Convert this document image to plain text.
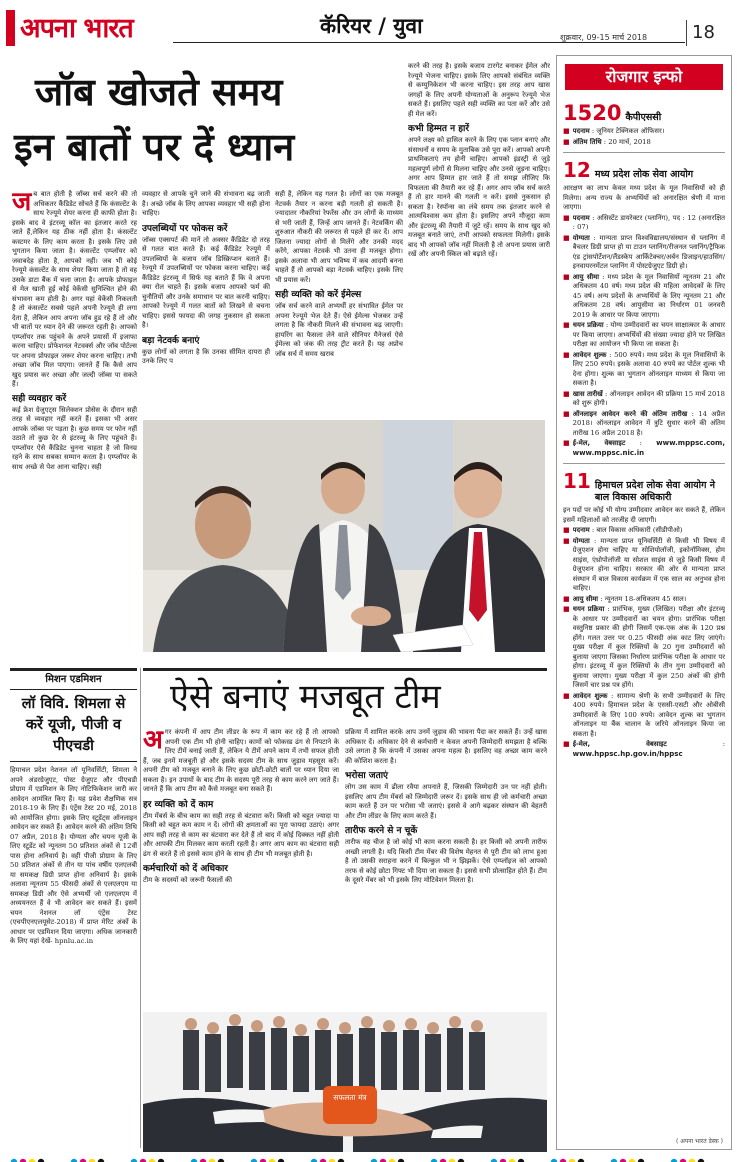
अपना भारत	कॅरियर / युवा	शुक्रवार, 09-15 मार्च 2018 18
जॉब खोजते समय
इन बातों पर दें ध्यान
ज ब बात होती है जॉब्स सर्च करने की तो अधिकतर कैंडिडेट सोचते हैं कि कंसल्टेंट के साथ रेज्यूमे शेयर करना ही काफी होता है। इसके बाद वे इंटरव्यू कॉल का इंतजार करते रह जाते हैं,लेकिन यह ठीक नहीं होता है। कंसल्टेंट कस्टमर के लिए काम करता है। इसके लिए उसे भुगतान किया जाता है। कंसल्टेंट एम्प्लॉयर को जवाबदेह होता है, आपको नहीं। जब भी कोई रेज्यूमे कंसल्टेंट के साथ शेयर किया जाता है तो वह उसके डाटा बैंक में चला जाता है। आपके प्रोफाइल से मेल खाती हुई कोई वेकेंसी सुनिश्चित होने की संभावना कम होती है। अगर यहां वेकेंसी निकलती है तो कंसल्टेंट सबसे पहले अपनी रेज्यूमे ही लगा देता है, लेकिन आप अपना जॉब हुड रहे हैं तो और भी बातों पर ध्यान देने की जरूरत रहती है। आपको एम्प्लॉयर तक पहुंचने के अपने प्रयासों में इजाफा करना चाहिए। प्रोफेशनल नेटवर्क्स और जॉब पोर्टल्स पर अपना प्रोफाइल जरूर शेयर करना चाहिए। तभी अच्छा जॉब मिल पाएगा। जानते हैं कि कैसे आप खुद प्रयास कर अच्छा और जल्दी जॉब्स पा सकते हैं।
सही व्यवहार करें
कई फ्रेश ग्रेजुएट्स सिलेक्शन प्रोसेस के दौरान सही तरह से व्यवहार नहीं करते हैं। इसका भी असर आपके जॉब्स पर पड़ता है। कुछ समय पर फोन नहीं उठाते तो कुछ देर से इंटरव्यू के लिए पहुंचते हैं। एम्प्लॉयर ऐसे कैंडिडेट चुनना चाहता है जो विनम्र रहने के साथ सबका सम्मान करता है। एम्प्लॉयर के साथ अच्छे से पेश आना चाहिए। सही
व्यवहार से आपके चुने जाने की संभावना बढ़ जाती है। अच्छे जॉब के लिए आपका व्यवहार भी सही होना चाहिए।
उपलब्धियों पर फोकस करें
जॉब्स एक्सपर्ट की मानें तो अक्सर कैंडिडेट दो तरह से गलत बात करते हैं। कई कैंडिडेट रेज्यूमे में उपलब्धियों के बजाय जॉब डिस्क्रिप्शन बताते हैं। रेज्यूमे में उपलब्धियों पर फोकस करना चाहिए। कई कैंडिडेट इंटरव्यू में सिर्फ यह बताते हैं कि वे अपना क्या रोल चाहते हैं। इसके बजाय आपको फर्म की चुनौतियों और उनके समाधान पर बात करनी चाहिए। आपको रेज्यूमे में गलत बातों को लिखने से बचना चाहिए। इससे फायदा की जगह नुकसान हो सकता है।
बड़ा नेटवर्क बनाएं
कुछ लोगों को लगता है कि उनका सीमित दायरा ही उनके लिए प
सही है, लेकिन यह गलत है। लोगों का एक मजबूत नेटवर्क तैयार न करना बड़ी गलती हो सकती है। ज्यादातर नौकरियां रेफरेंस और उन लोगों के माध्यम से भरी जाती हैं, जिन्हें आप जानते हैं। नेटवर्किंग की शुरुआत नौकरी की जरूरत से पहले ही कर दें। आप जितना ज्यादा लोगों से मिलेंगे और उनकी मदद करेंगे, आपका नेटवर्क भी उतना ही मजबूत होगा। इसके अलावा भी आप भविष्य में कब आदमी बनना चाहते हैं तो आपको बड़ा नेटवर्क चाहिए। इसके लिए भी प्रयास करें।
सही व्यक्ति को करें ईमेल्स
जॉब सर्च करने वाले अभ्यर्थी हर संभावित ईमेल पर अपना रेज्यूमे भेज देते हैं। ऐसे ईमेल्स भेजकर उन्हें लगता है कि नौकरी मिलने की संभावना बढ़ जाएगी। हायरिंग का फैसला लेने वाले सीनियर मैनेजर्स ऐसे ईमेल्स को जंक की तरह ट्रीट करते हैं। यह अप्रोच जॉब सर्च में समय खराब
करने की तरह है। इसके बजाय टारगेट बनाकर ईमेल और रेज्यूमे भेजना चाहिए। इसके लिए आपको संबंधित व्यक्ति से कम्युनिकेशन भी करना चाहिए। इस तरह आप खास जगहों के लिए अपनी योग्यताओं के अनुरूप रेज्यूमे भेज सकते हैं। इसलिए पहले सही व्यक्ति का पता करें और उसे ही मेल करें।
कभी हिम्मत न हारें
अपने लक्ष्य को हासिल करने के लिए एक प्लान बनाएं और संसाधनों व समय के मुताबिक उसे पूरा करें। आपको अपनी प्राथमिकताएं तय होनी चाहिए। आपको इंडस्ट्री से जुड़े महत्वपूर्ण लोगों से मिलना चाहिए और उनसे जुड़ना चाहिए। अगर आप हिम्मत हार जाते हैं तो समझ लीजिए कि विफलता की तैयारी कर रहे हैं। अगर आप जॉब सर्च करते हैं तो हार मानने की गलती न करें। इससे नुकसान हो सकता है। रेस्पॉन्स का लंबे समय तक इंतजार करने से आत्मविश्वास कम होता है। इसलिए अपने मौजूदा काम और इंटरव्यू की तैयारी में जुटे रहें। समय के साथ खुद को मजबूत बनाते जाएं, तभी आपको सफलता मिलेगी। इसके बाद भी आपको जॉब नहीं मिलती है तो अपना प्रयास जारी रखें और अपनी स्किल को बढ़ाते रहें।
रोजगार इन्फो
1520 कैपीएससी
■ पदनाम : जूनियर टेक्निकल ऑफिसर।
■ अंतिम तिथि : 20 मार्च, 2018
12 मध्य प्रदेश लोक सेवा आयोग
आरक्षण का लाभ केवल मध्य प्रदेश के मूल निवासियों को ही मिलेगा। अन्य राज्य के अभ्यर्थियों को अनारक्षित श्रेणी में माना जाएगा।
■ पदनाम : असिस्टेंट डायरेक्टर (प्लानिंग), पद : 12 (अनारक्षित : 07)
■ योग्यता : मान्यता प्राप्त विश्वविद्यालय/संस्थान से प्लानिंग में बैचलर डिग्री प्राप्त हो या टाउन प्लानिंग/रीजनल प्लानिंग/ट्रैफिक एंड ट्रांसपोर्टेशन/लैंडस्केप आर्किटेक्चर/अर्बन डिजाइन/हाउसिंग/इनवायरनमेंटल प्लानिंग में पोस्टग्रेजुएट डिग्री हो।
■ आयु सीमा : मध्य प्रदेश के मूल निवासियों न्यूनतम 21 और अधिकतम 40 वर्ष। मध्य प्रदेश की महिला आवेदकों के लिए 45 वर्ष। अन्य प्रदेशों के अभ्यर्थियों के लिए न्यूनतम 21 और अधिकतम 28 वर्ष। आयुसीमा का निर्धारण 01 जनवरी 2019 के आधार पर किया जाएगा।
■ चयन प्रक्रिया : योग्य उम्मीदवारों का चयन साक्षात्कार के आधार पर किया जाएगा। अभ्यर्थियों की संख्या ज्यादा होने पर लिखित परीक्षा का आयोजन भी किया जा सकता है।
■ आवेदन शुल्क : 500 रुपये। मध्य प्रदेश के मूल निवासियों के लिए 250 रुपये। इसके अलावा 40 रुपये का पोर्टल शुल्क भी देना होगा। शुल्क का भुगतान ऑनलाइन माध्यम से किया जा सकता है।
■ खास तारीखें : ऑनलाइन आवेदन की प्रक्रिया 15 मार्च 2018 को शुरू होगी।
■ ऑनलाइन आवेदन करने की अंतिम तारीख : 14 अप्रैल 2018। ऑनलाइन आवेदन में त्रुटि सुधार करने की अंतिम तारीख 16 अप्रैल 2018 है।
■ ई-मेल, वेबसाइट : www.mppsc.com, www.mppsc.nic.in
11 हिमाचल प्रदेश लोक सेवा आयोग ने बाल विकास अधिकारी
इन पदों पर कोई भी योग्य उम्मीदवार आवेदन कर सकते हैं, लेकिन इसमें महिलाओं को तरजीह दी जाएगी।
■ पदनाम : बाल विकास अधिकारी (सीडीपीओ)
■ योग्यता : मान्यता प्राप्त यूनिवर्सिटी से किसी भी विषय में ग्रेजुएशन होना चाहिए या सोशियोलॉजी, इकोनॉमिक्स, होम साइंस, एंथ्रोपोलॉजी या सोशल साइंस से जुड़े किसी विषय में ग्रेजुएशन होना चाहिए। सरकार की ओर से मान्यता प्राप्त संस्थान में बाल विकास कार्यक्रम में एक साल का अनुभव होना चाहिए।
■ आयु सीमा : न्यूनतम 18-अधिकतम 45 साल।
■ चयन प्रक्रिया : प्रारंभिक, मुख्य (लिखित) परीक्षा और इंटरव्यू के आधार पर उम्मीदवारों का चयन होगा। प्रारंभिक परीक्षा वस्तुनिष्ठ प्रकार की होगी जिसमें एक-एक अंक के 120 प्रश्न होंगे। गलत उत्तर पर 0.25 फीसदी अंक काट लिए जाएंगे। मुख्य परीक्षा में कुल रिक्तियों के 20 गुना उम्मीदवारों को बुलाया जाएगा जिसका निर्धारण प्रारंभिक परीक्षा के आधार पर होगा। इंटरव्यू में कुल रिक्तियों के तीन गुना उम्मीदवारों को बुलाया जाएगा। मुख्य परीक्षा में कुल 250 अंकों की होगी जिसमें चार प्रश्न पत्र होंगे।
■ आवेदन शुल्क : सामान्य श्रेणी के सभी उम्मीदवारों के लिए 400 रुपये। हिमाचल प्रदेश के एससी-एसटी और ओबीसी उम्मीदवारों के लिए 100 रुपये। आवेदन शुल्क का भुगतान ऑनलाइन या बैंक चालान के जरिये ऑनलाइन किया जा सकता है।
■ ई-मेल, वेबसाइट : www.hppsc.hp.gov.in/hppsc
( अपना भारत डेस्क )
मिशन एडमिशन
लॉ विवि. शिमला से करें यूजी, पीजी व पीएचडी
हिमाचल प्रदेश नेशनल लॉ यूनिवर्सिटी, शिमला ने अपने अंडरग्रेजुएट, पोस्ट ग्रेजुएट और पीएचडी प्रोग्राम में एडमिशन के लिए नोटिफिकेशन जारी कर आवेदन आमंत्रित किए हैं। यह प्रवेश शैक्षणिक सत्र 2018-19 के लिए हैं। एंट्रेंस टेस्ट 20 मई, 2018 को आयोजित होगा। इसके लिए स्टूडेंट्स ऑनलाइन आवेदन कर सकते हैं। आवेदन करने की अंतिम तिथि 07 अप्रैल, 2018 है। योग्यता और चयनः यूजी के लिए स्टूडेंट को न्यूनतम 50 प्रतिशत अंकों से 12वीं पास होना अनिवार्य है। वहीं पीजी प्रोग्राम के लिए 50 प्रतिशत अंकों से तीन या पांच वर्षीय एलएलबी या समकक्ष डिग्री प्राप्त होना अनिवार्य है। इसके अलावा न्यूनतम 55 फीसदी अंकों से एलएलएम या समकक्ष डिग्री और ऐसे अभ्यर्थी जो एलएलएम में अध्ययनरत हैं वे भी आवेदन कर सकते हैं। इसमें चयन नेशनल लॉ एंट्रेंस टेस्ट (एचपीएनएलयूसेट-2018) में प्राप्त मेरिट अंकों के आधार पर एडमिशन दिया जाएगा। अधिक जानकारी के लिए यहां देखें- hpnlu.ac.in
ऐसे बनाएं मजबूत टीम
अ गर कंपनी में आप टीम लीडर के रूप में काम कर रहे हैं तो आपको अपनी एक टीम भी होनी चाहिए। कामों को फोकस्ड ढंग से निपटाने के लिए टीमें बनाई जाती हैं, लेकिन ये टीमें अपने काम में तभी सफल होती हैं, जब इनमें मजबूती हो और इसके सदस्य टीम के साथ जुड़ाव महसूस करें। अपनी टीम को मजबूत बनाने के लिए कुछ छोटी-छोटी बातों पर ध्यान दिया जा सकता है। इन उपायों के बाद टीम के सदस्य पूरी तरह से काम करने लग जाते हैं। जानते हैं कि आप टीम को कैसे मजबूत बना सकते हैं।
हर व्यक्ति को दें काम
टीम मेंबर्स के बीच काम का सही तरह से बंटवारा करें। किसी को बहुत ज्यादा या किसी को बहुत कम काम न दें। लोगों की क्षमताओं का पूरा फायदा उठाएं। अगर आप सही तरह से काम का बंटवारा कर देते हैं तो बाद में कोई दिक्कत नहीं होती और आपकी टीम मिलकर काम करती रहती है। अगर आप काम का बंटवारा सही ढंग से करते हैं तो इससे काम होने के साथ ही टीम भी मजबूत होती है।
कर्मचारियों को दें अधिकार
टीम के सदस्यों को जरूरी फैसलों की
प्रक्रिया में शामिल करके आप उनमें जुड़ाव की भावना पैदा कर सकते हैं। उन्हें खास अधिकार दें। अधिकार देने से कर्मचारी न केवल अपनी जिम्मेदारी समझता है बल्कि उसे लगता है कि कंपनी में उसका अपना महत्व है। इसलिए वह अच्छा काम करने की कोशिश करता है।
भरोसा जताएं
लोग उस काम में ढीला रवैया अपनाते हैं, जिसकी जिम्मेदारी उन पर नहीं होती। इसलिए आप टीम मेंबर्स को जिम्मेदारी जरूर दें। इसके साथ ही जो कर्मचारी अच्छा काम करते हैं उन पर भरोसा भी जताएं। इससे वे आगे बढ़कर संस्थान की बेहतरी और टीम लीडर के लिए काम करते हैं।
तारीफ करने से न चूकें
तारीफ वह चीज है जो कोई भी काम करना सकती है। हर किसी को अपनी तारीफ अच्छी लगती है। यदि किसी टीम मेंबर की विशेष मेहनत से पूरी टीम को लाभ हुआ है तो उसकी सराहना करने में बिल्कुल भी न झिझकें। ऐसे एम्प्लॉइज को आपको तरफ से कोई छोटा गिफ्ट भी दिया जा सकता है। इससे सभी प्रोत्साहित होते हैं। टीम के दूसरे मेंबर को भी इसके लिए मोटिवेशन मिलता है।
सफलता मंत्र
